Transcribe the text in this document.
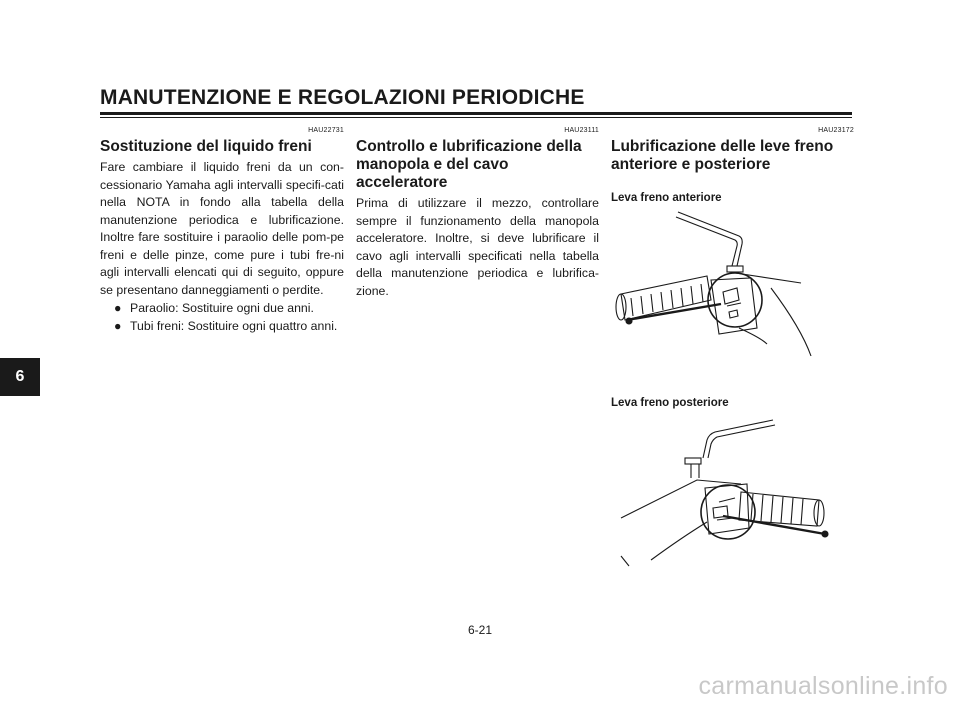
MANUTENZIONE E REGOLAZIONI PERIODICHE
6
HAU22731
Sostituzione del liquido freni

Fare cambiare il liquido freni da un con-cessionario Yamaha agli intervalli specifi-cati nella NOTA in fondo alla tabella della manutenzione periodica e lubrificazione. Inoltre fare sostituire i paraolio delle pom-pe freni e delle pinze, come pure i tubi fre-ni agli intervalli elencati qui di seguito, oppure se presentano danneggiamenti o perdite.

● Paraolio: Sostituire ogni due anni.
● Tubi freni: Sostituire ogni quattro anni.
HAU23111
Controllo e lubrificazione della manopola e del cavo acceleratore

Prima di utilizzare il mezzo, controllare sempre il funzionamento della manopola acceleratore. Inoltre, si deve lubrificare il cavo agli intervalli specificati nella tabella della manutenzione periodica e lubrifica-zione.

HAU23172
Lubrificazione delle leve freno anteriore e posteriore
Leva freno anteriore
Leva freno posteriore
6-21
carmanualsonline.info
